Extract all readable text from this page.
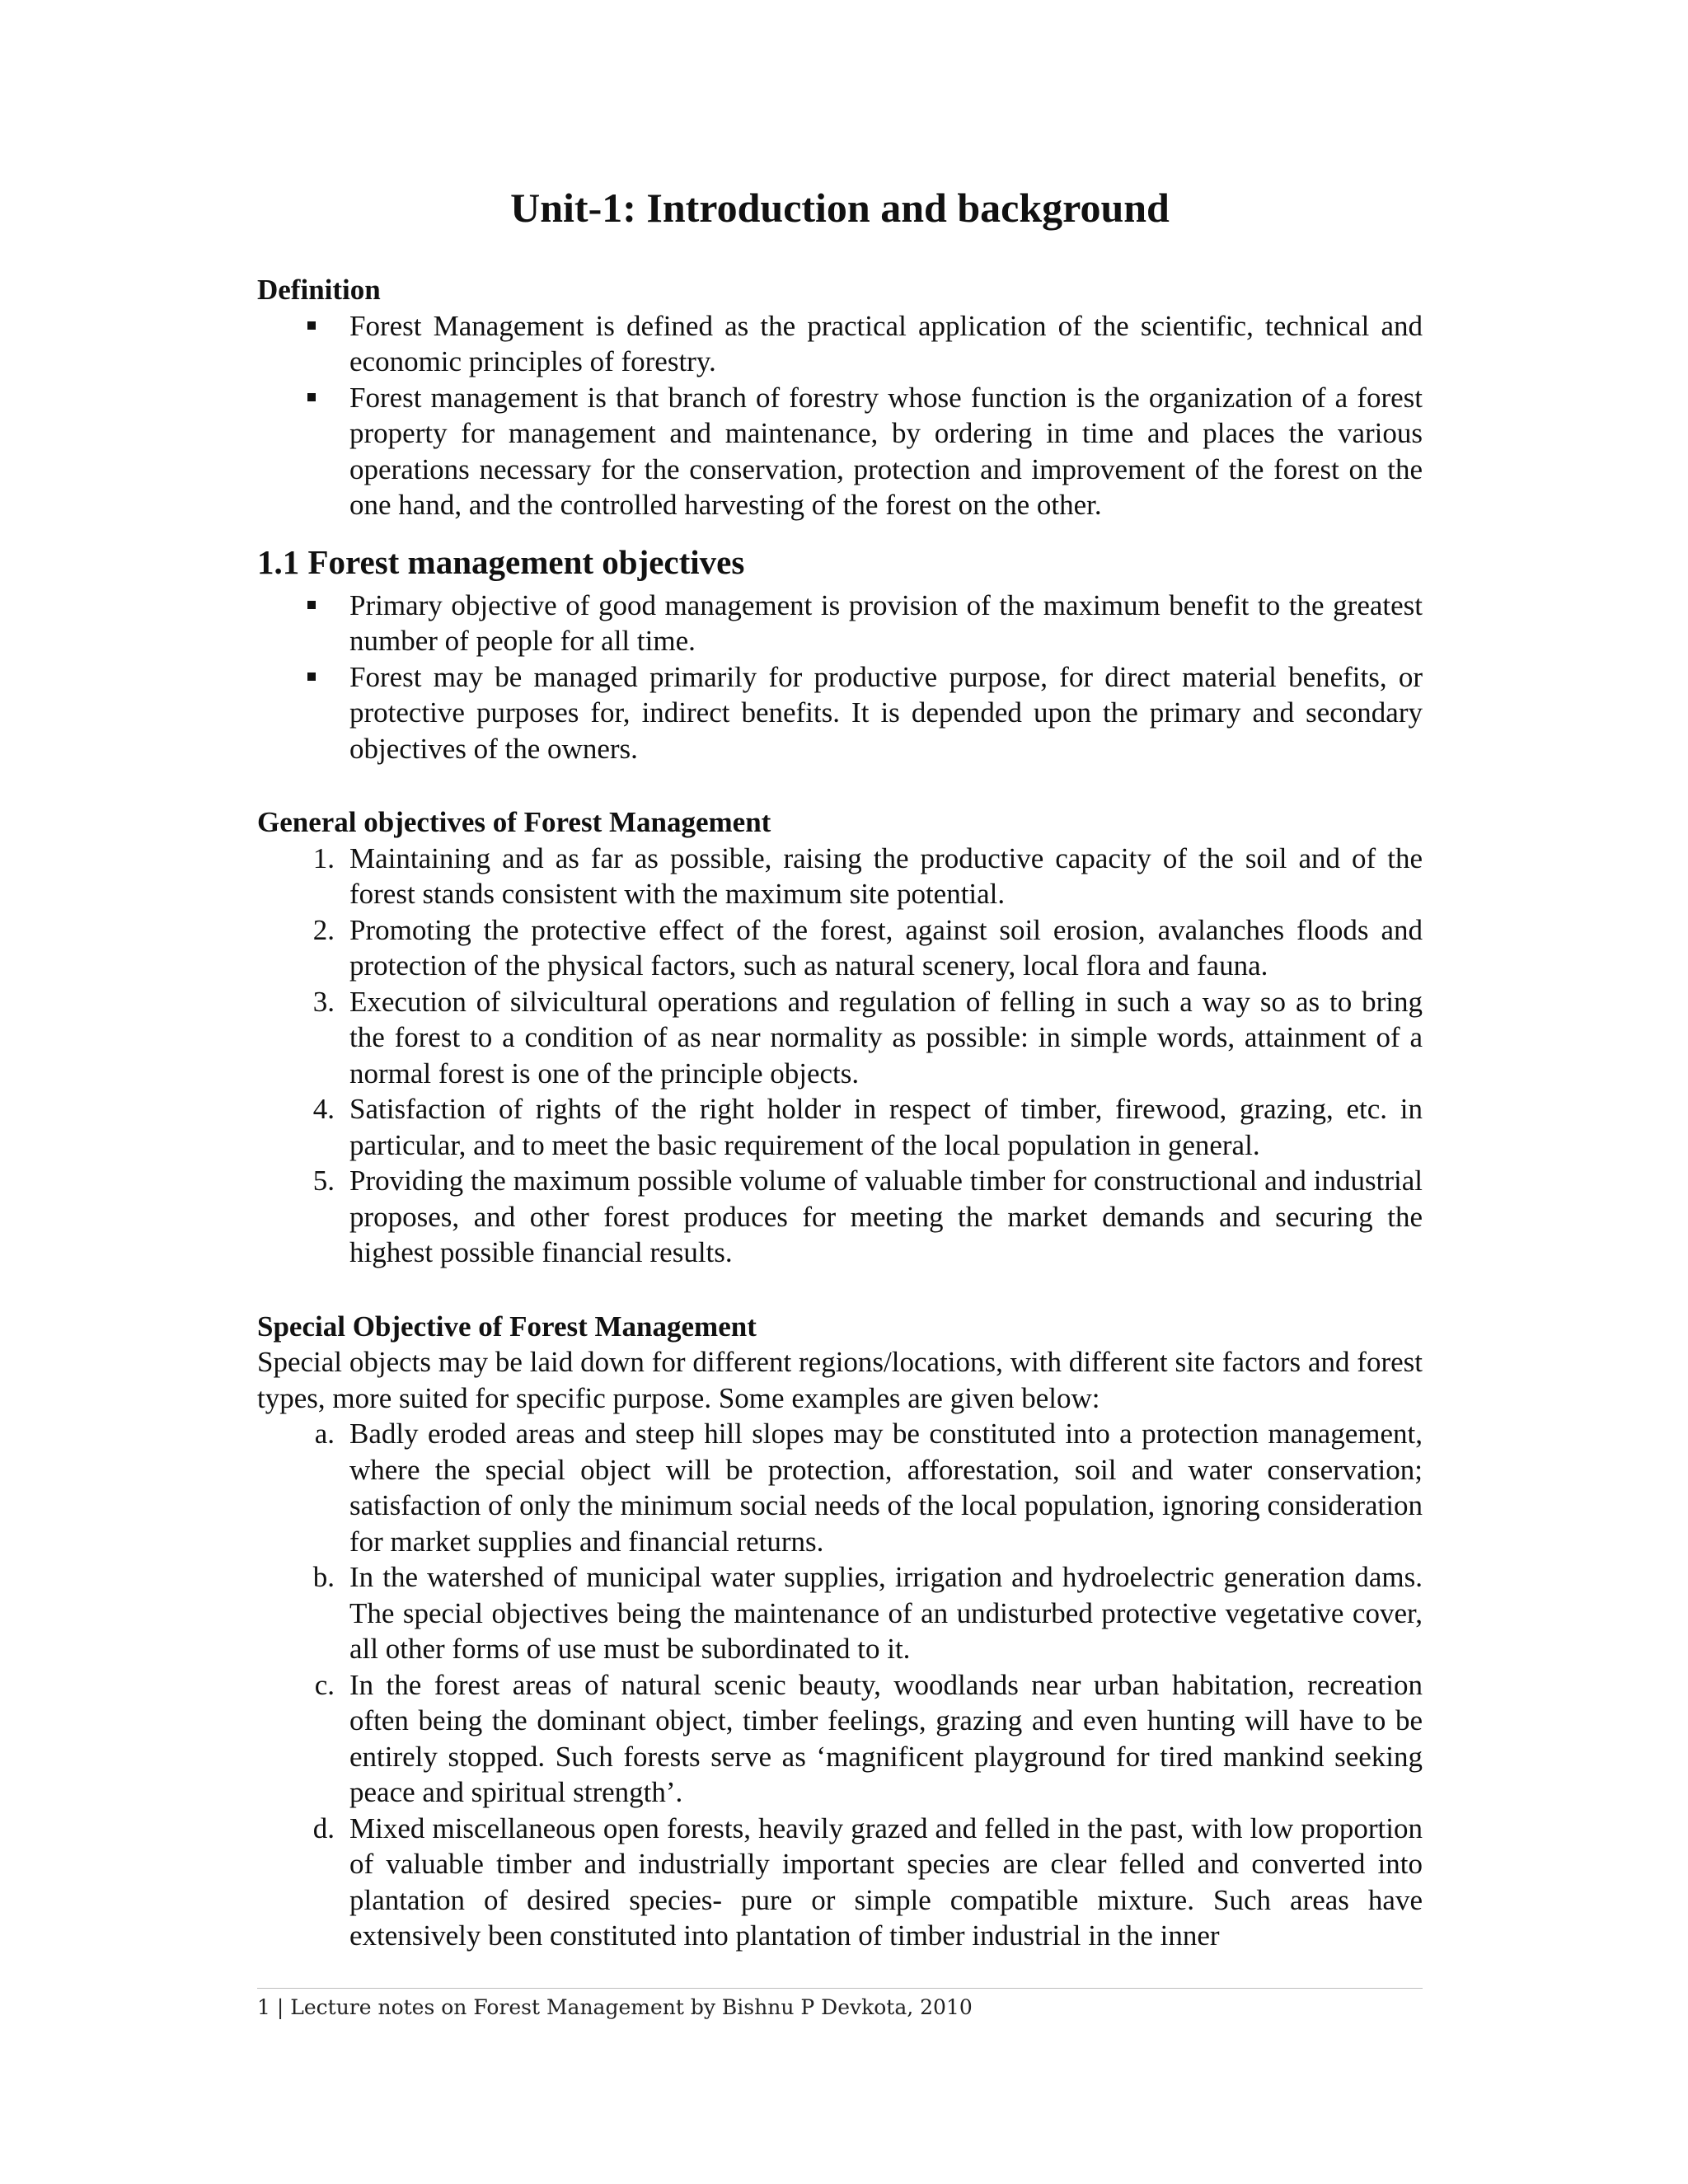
Unit-1: Introduction and background

Definition

Forest Management is defined as the practical application of the scientific, technical and economic principles of forestry.
Forest management is that branch of forestry whose function is the organization of a forest property for management and maintenance, by ordering in time and places the various operations necessary for the conservation, protection and improvement of the forest on the one hand, and the controlled harvesting of the forest on the other.
1.1 Forest management objectives
Primary objective of good management is provision of the maximum benefit to the greatest number of people for all time.
Forest may be managed primarily for productive purpose, for direct material benefits, or protective purposes for, indirect benefits. It is depended upon the primary and secondary objectives of the owners.

General objectives of Forest Management

1. Maintaining and as far as possible, raising the productive capacity of the soil and of the forest stands consistent with the maximum site potential.
2. Promoting the protective effect of the forest, against soil erosion, avalanches floods and protection of the physical factors, such as natural scenery, local flora and fauna.
3. Execution of silvicultural operations and regulation of felling in such a way so as to bring the forest to a condition of as near normality as possible: in simple words, attainment of a normal forest is one of the principle objects.
4. Satisfaction of rights of the right holder in respect of timber, firewood, grazing, etc. in particular, and to meet the basic requirement of the local population in general.
5. Providing the maximum possible volume of valuable timber for constructional and industrial proposes, and other forest produces for meeting the market demands and securing the highest possible financial results.

Special Objective of Forest Management

Special objects may be laid down for different regions/locations, with different site factors and forest types, more suited for specific purpose. Some examples are given below:

a. Badly eroded areas and steep hill slopes may be constituted into a protection management, where the special object will be protection, afforestation, soil and water conservation; satisfaction of only the minimum social needs of the local population, ignoring consideration for market supplies and financial returns.
b. In the watershed of municipal water supplies, irrigation and hydroelectric generation dams. The special objectives being the maintenance of an undisturbed protective vegetative cover, all other forms of use must be subordinated to it.
c. In the forest areas of natural scenic beauty, woodlands near urban habitation, recreation often being the dominant object, timber feelings, grazing and even hunting will have to be entirely stopped. Such forests serve as ‘magnificent playground for tired mankind seeking peace and spiritual strength’.
d. Mixed miscellaneous open forests, heavily grazed and felled in the past, with low proportion of valuable timber and industrially important species are clear felled and converted into plantation of desired species- pure or simple compatible mixture. Such areas have extensively been constituted into plantation of timber industrial in the inner
1 | Lecture notes on Forest Management by Bishnu P Devkota, 2010
